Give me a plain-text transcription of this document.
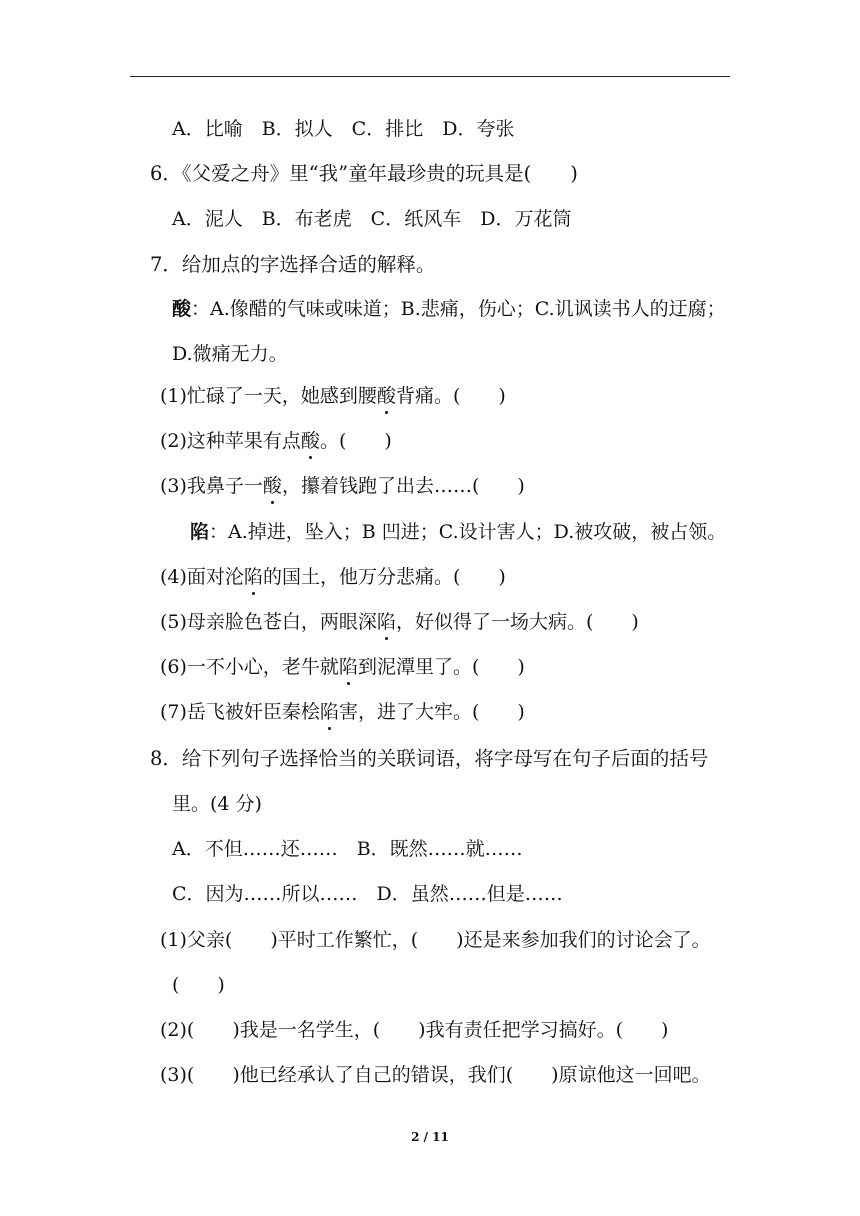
A．比喻　B．拟人　C．排比　D．夸张
6．《父爱之舟》里“我”童年最珍贵的玩具是(　　)
A．泥人　B．布老虎　C．纸风车　D．万花筒
7．给加点的字选择合适的解释。
酸：A.像醋的气味或味道；B.悲痛，伤心；C.讥讽读书人的迂腐；
D.微痛无力。
(1)忙碌了一天，她感到腰酸背痛。(　　)
(2)这种苹果有点酸。(　　)
(3)我鼻子一酸，攥着钱跑了出去……(　　)
陷：A.掉进，坠入；B 凹进；C.设计害人；D.被攻破，被占领。
(4)面对沦陷的国土，他万分悲痛。(　　)
(5)母亲脸色苍白，两眼深陷，好似得了一场大病。(　　)
(6)一不小心，老牛就陷到泥潭里了。(　　)
(7)岳飞被奸臣秦桧陷害，进了大牢。(　　)
8．给下列句子选择恰当的关联词语，将字母写在句子后面的括号
里。(4 分)
A．不但……还……　B．既然……就……
C．因为……所以……　D．虽然……但是……
(1)父亲(　　)平时工作繁忙，(　　)还是来参加我们的讨论会了。
(　　)
(2)(　　)我是一名学生，(　　)我有责任把学习搞好。(　　)
(3)(　　)他已经承认了自己的错误，我们(　　)原谅他这一回吧。
2 / 11
